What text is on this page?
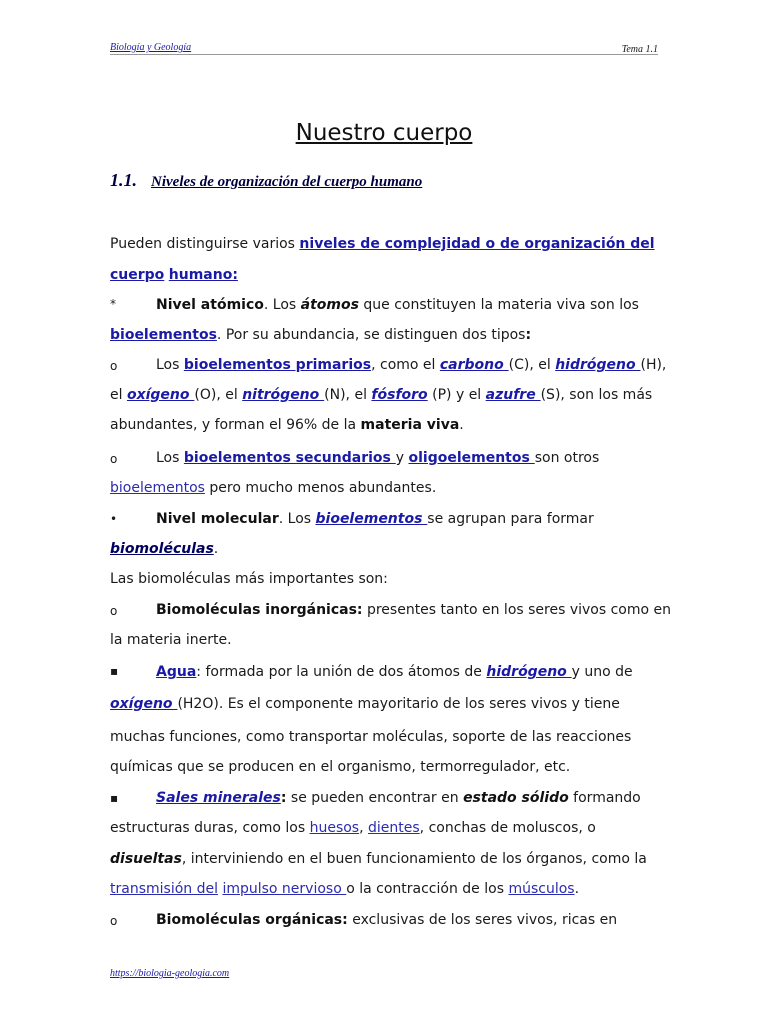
Biología y Geología	Tema 1.1
Nuestro cuerpo
1.1. Niveles de organización del cuerpo humano
Pueden distinguirse varios niveles de complejidad o de organización del
cuerpo humano:
*	Nivel atómico. Los átomos que constituyen la materia viva son los
bioelementos. Por su abundancia, se distinguen dos tipos:
o	Los bioelementos primarios, como el carbono (C), el hidrógeno (H),
el oxígeno (O), el nitrógeno (N), el fósforo (P) y el azufre (S), son los más
abundantes, y forman el 96% de la materia viva.
o	Los bioelementos secundarios y oligoelementos son otros
bioelementos pero mucho menos abundantes.
•	Nivel molecular. Los bioelementos se agrupan para formar
biomoléculas.
Las biomoléculas más importantes son:
o	Biomoléculas inorgánicas: presentes tanto en los seres vivos como en
la materia inerte.
▪	Agua: formada por la unión de dos átomos de hidrógeno y uno de
oxígeno (H2O). Es el componente mayoritario de los seres vivos y tiene
muchas funciones, como transportar moléculas, soporte de las reacciones
químicas que se producen en el organismo, termorregulador, etc.
▪	Sales minerales: se pueden encontrar en estado sólido formando
estructuras duras, como los huesos, dientes, conchas de moluscos, o
disueltas, interviniendo en el buen funcionamiento de los órganos, como la
transmisión del impulso nervioso o la contracción de los músculos.
o	Biomoléculas orgánicas: exclusivas de los seres vivos, ricas en
https://biologia-geologia.com
